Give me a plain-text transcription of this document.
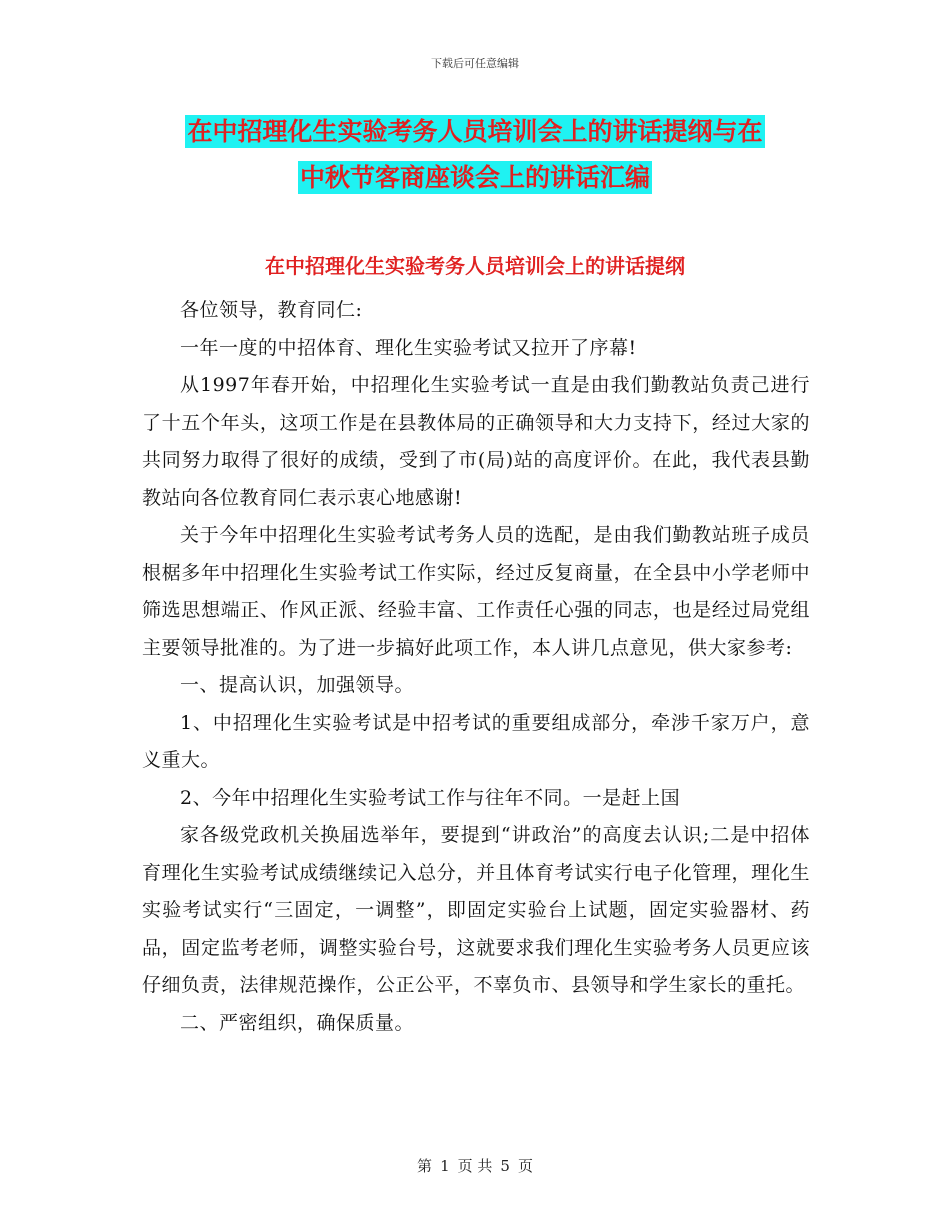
下载后可任意编辑
在中招理化生实验考务人员培训会上的讲话提纲与在
中秋节客商座谈会上的讲话汇编
在中招理化生实验考务人员培训会上的讲话提纲

各位领导，教育同仁:

一年一度的中招体育、理化生实验考试又拉开了序幕!

从1997年春开始，中招理化生实验考试一直是由我们勤教站负责己进行了十五个年头，这项工作是在县教体局的正确领导和大力支持下，经过大家的共同努力取得了很好的成绩，受到了市(局)站的高度评价。在此，我代表县勤教站向各位教育同仁表示衷心地感谢!

关于今年中招理化生实验考试考务人员的选配，是由我们勤教站班子成员根椐多年中招理化生实验考试工作实际，经过反复商量，在全县中小学老师中筛选思想端正、作风正派、经验丰富、工作责任心强的同志，也是经过局党组主要领导批准的。为了进一步搞好此项工作，本人讲几点意见，供大家参考:

一、提高认识，加强领导。

1、中招理化生实验考试是中招考试的重要组成部分，牵涉千家万户，意义重大。

2、今年中招理化生实验考试工作与往年不同。一是赶上国

家各级党政机关换届选举年，要提到“讲政治”的高度去认识;二是中招体育理化生实验考试成绩继续记入总分，并且体育考试实行电子化管理，理化生实验考试实行“三固定，一调整”，即固定实验台上试题，固定实验器材、药品，固定监考老师，调整实验台号，这就要求我们理化生实验考务人员更应该仔细负责，法律规范操作，公正公平，不辜负市、县领导和学生家长的重托。

二、严密组织，确保质量。

第 1 页 共 5 页
